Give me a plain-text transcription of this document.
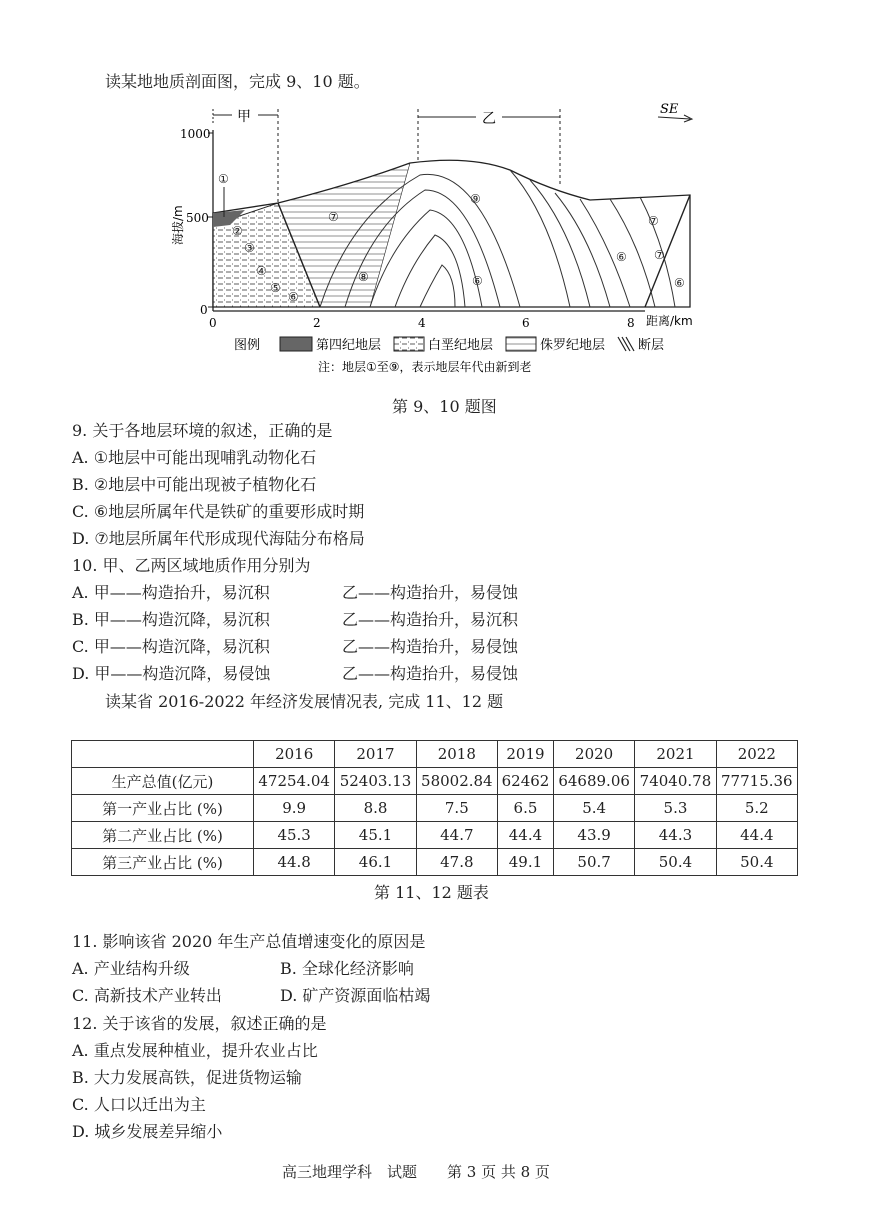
读某地地质剖面图，完成 9、10 题。
1000
500
0
海拔/m
0	2	4	6	8 距离/km
甲	乙
SE
①
②
③
④
⑤
⑥
⑦
⑧
⑨
⑥
⑦
⑥ ⑦
⑥
图例	第四纪地层	白垩纪地层	侏罗纪地层	断层
注：地层①至⑨，表示地层年代由新到老
第 9、10 题图
9. 关于各地层环境的叙述，正确的是
A. ①地层中可能出现哺乳动物化石
B. ②地层中可能出现被子植物化石
C. ⑥地层所属年代是铁矿的重要形成时期
D. ⑦地层所属年代形成现代海陆分布格局
10. 甲、乙两区域地质作用分别为
A. 甲——构造抬升，易沉积	乙——构造抬升，易侵蚀
B. 甲——构造沉降，易沉积	乙——构造抬升，易沉积
C. 甲——构造沉降，易沉积	乙——构造抬升，易侵蚀
D. 甲——构造沉降，易侵蚀	乙——构造抬升，易侵蚀
读某省 2016-2022 年经济发展情况表, 完成 11、12 题
	2016	2017	2018	2019	2020	2021	2022
生产总值(亿元)	47254.04	52403.13	58002.84	62462	64689.06	74040.78	77715.36
第一产业占比 (%)	9.9	8.8	7.5	6.5	5.4	5.3	5.2
第二产业占比 (%)	45.3	45.1	44.7	44.4	43.9	44.3	44.4
第三产业占比 (%)	44.8	46.1	47.8	49.1	50.7	50.4	50.4
第 11、12 题表
11. 影响该省 2020 年生产总值增速变化的原因是
A. 产业结构升级	B. 全球化经济影响
C. 高新技术产业转出	D. 矿产资源面临枯竭
12. 关于该省的发展，叙述正确的是
A. 重点发展种植业，提升农业占比
B. 大力发展高铁，促进货物运输
C. 人口以迁出为主
D. 城乡发展差异缩小
高三地理学科　试题　　第 3 页 共 8 页
